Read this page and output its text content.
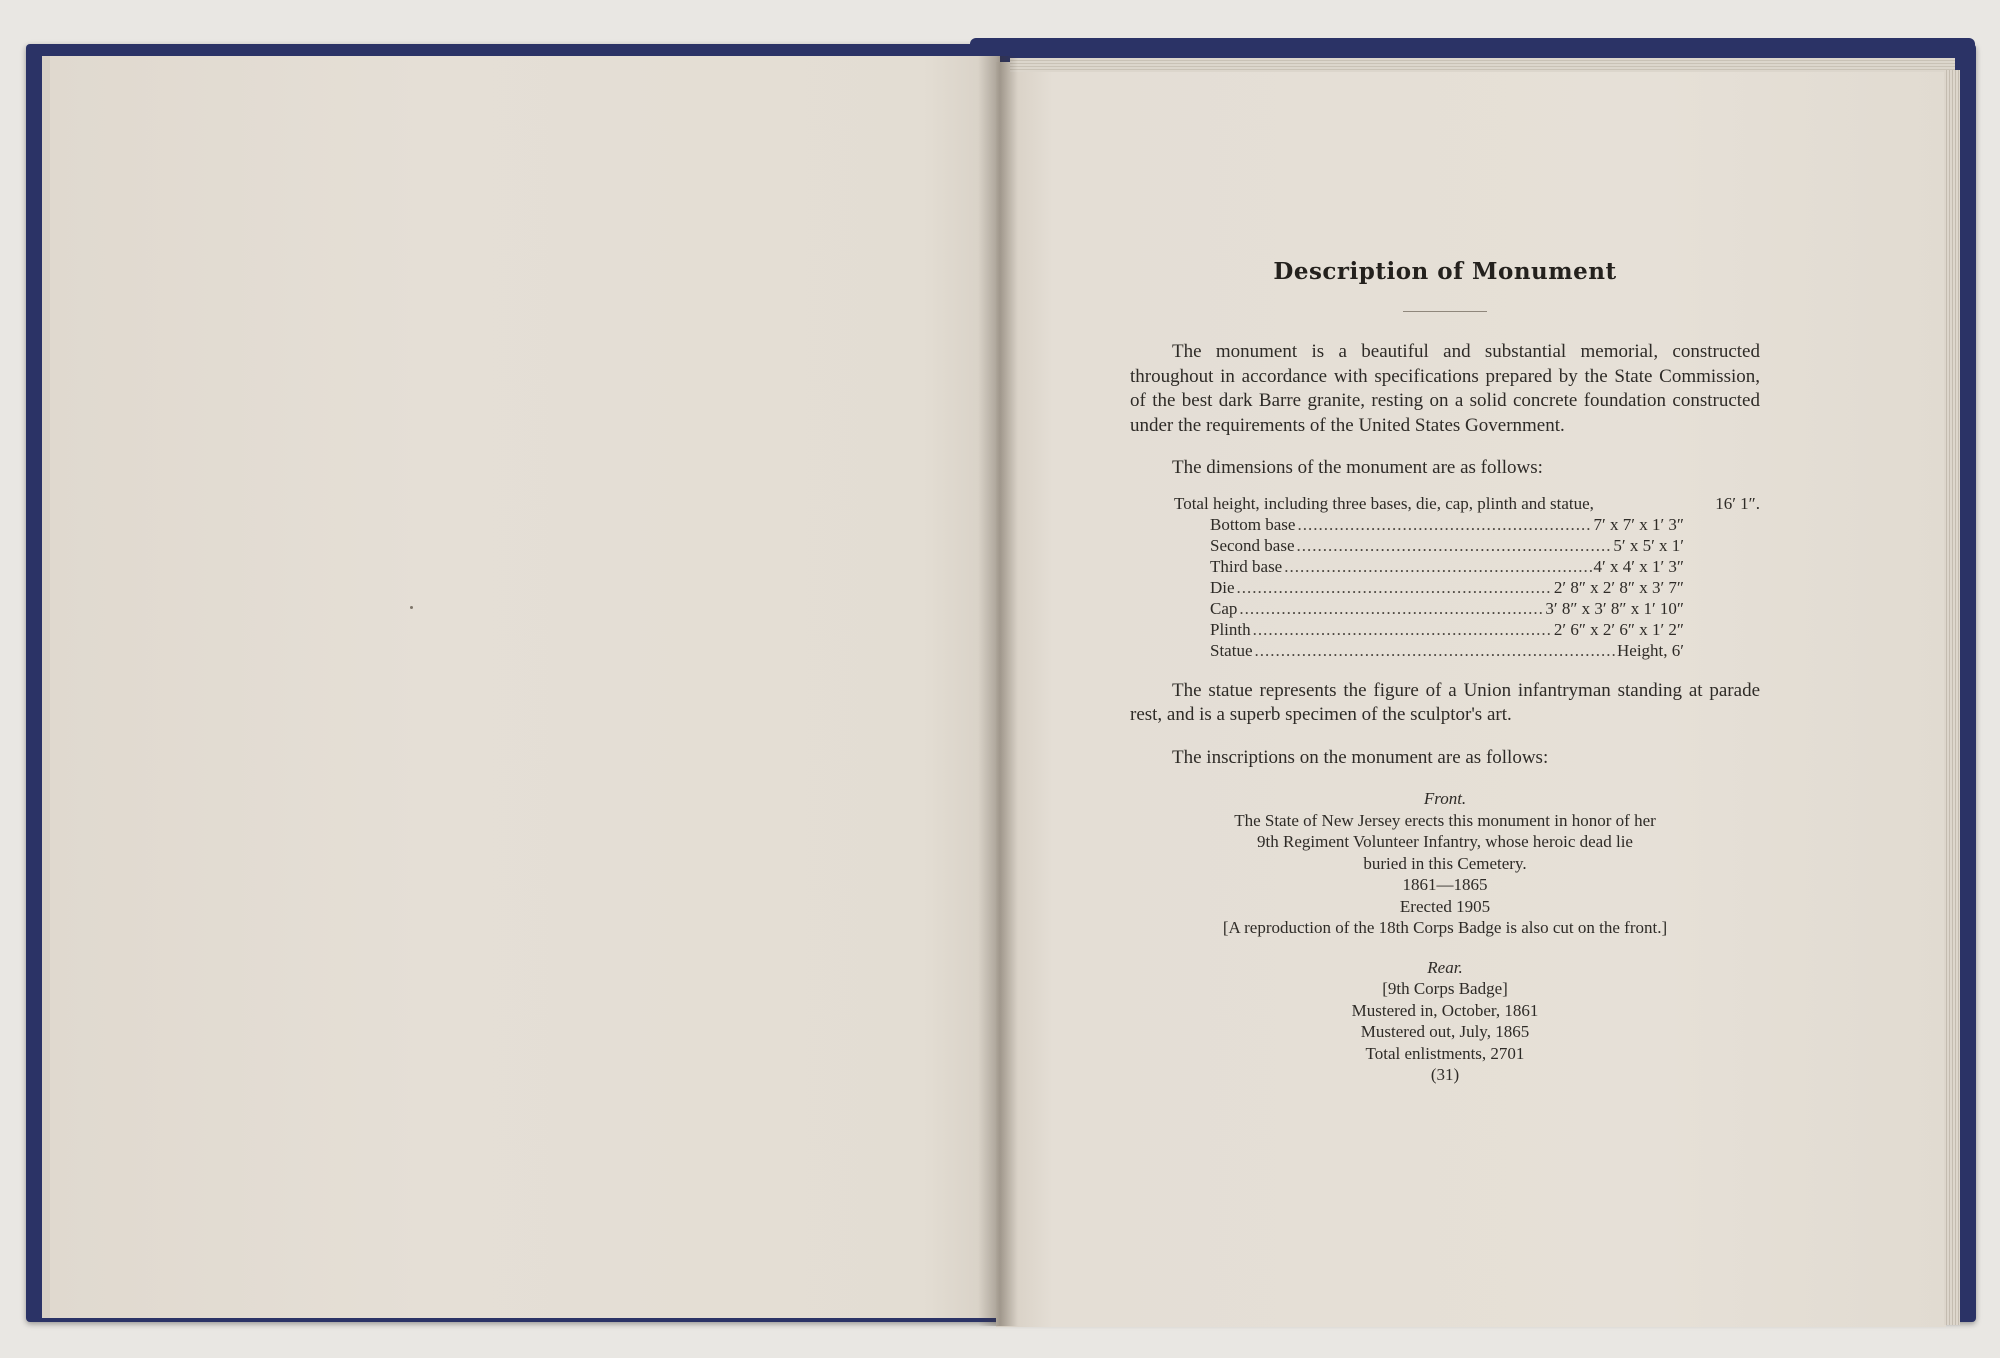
Description of Monument

The monument is a beautiful and substantial memorial, constructed throughout in accordance with specifications prepared by the State Commission, of the best dark Barre granite, resting on a solid concrete foundation constructed under the requirements of the United States Government.

The dimensions of the monument are as follows:

Total height, including three bases, die, cap, plinth and statue,	16′ 1″.
Bottom base .....	7′ x 7′ x 1′ 3″
Second base .....	5′ x 5′ x 1′
Third base .....	4′ x 4′ x 1′ 3″
Die .....	2′ 8″ x 2′ 8″ x 3′ 7″
Cap .....	3′ 8″ x 3′ 8″ x 1′ 10″
Plinth .....	2′ 6″ x 2′ 6″ x 1′ 2″
Statue .....	Height, 6′

The statue represents the figure of a Union infantryman standing at parade rest, and is a superb specimen of the sculptor's art.

The inscriptions on the monument are as follows:

Front.
The State of New Jersey erects this monument in honor of her
9th Regiment Volunteer Infantry, whose heroic dead lie
buried in this Cemetery.
1861—1865
Erected 1905
[A reproduction of the 18th Corps Badge is also cut on the front.]
Rear.
[9th Corps Badge]
Mustered in, October, 1861
Mustered out, July, 1865
Total enlistments, 2701
(31)
